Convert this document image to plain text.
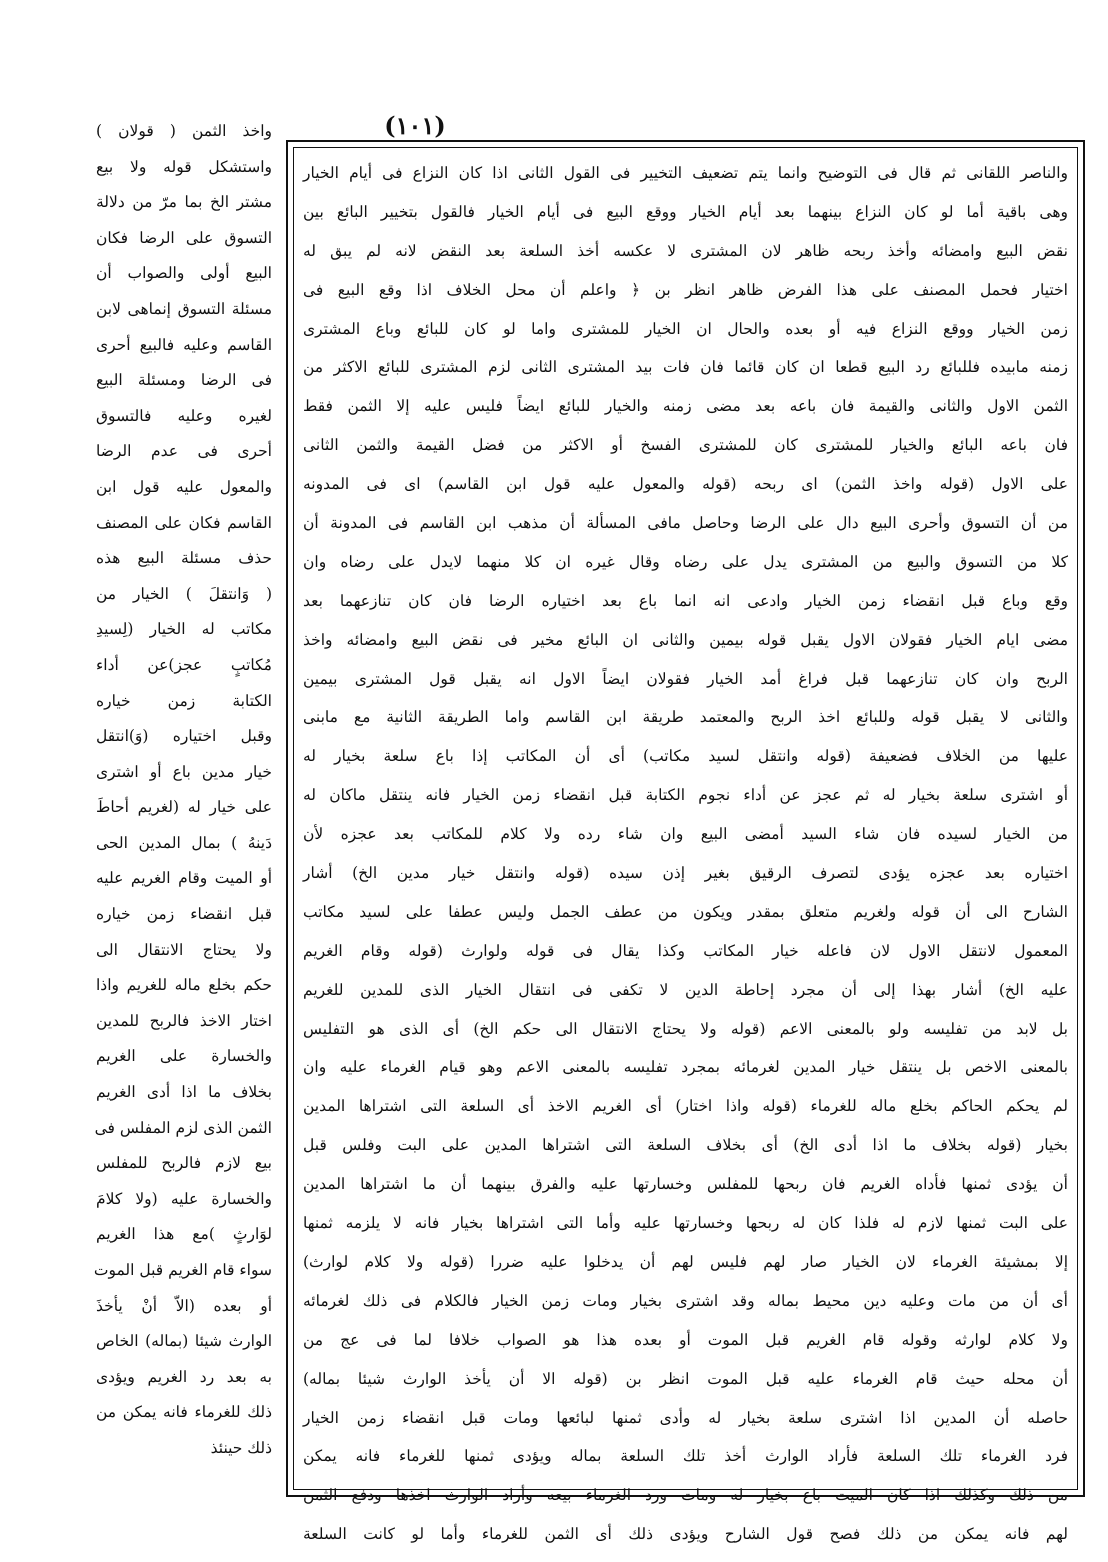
(١٠١)
والناصر اللقانى ثم قال فى التوضيح وانما يتم تضعيف التخيير فى القول الثانى اذا كان النزاع فى أيام الخيار
وهى باقية أما لو كان النزاع بينهما بعد أيام الخيار ووقع البيع فى أيام الخيار فالقول بتخيير البائع بين
نقض البيع وامضائه وأخذ ربحه ظاهر لان المشترى لا عكسه أخذ السلعة بعد النقض لانه لم يبق له
اختيار فحمل المصنف على هذا الفرض ظاهر انظر بن ﴿ واعلم أن محل الخلاف اذا وقع البيع فى
زمن الخيار ووقع النزاع فيه أو بعده والحال ان الخيار للمشترى واما لو كان للبائع وباع المشترى
زمنه مابيده فللبائع رد البيع قطعا ان كان قائما فان فات بيد المشترى الثانى لزم المشترى للبائع الاكثر من
الثمن الاول والثانى والقيمة فان باعه بعد مضى زمنه والخيار للبائع ايضاً فليس عليه إلا الثمن فقط
فان باعه البائع والخيار للمشترى كان للمشترى الفسخ أو الاكثر من فضل القيمة والثمن الثانى
على الاول (قوله واخذ الثمن) اى ربحه (قوله والمعول عليه قول ابن القاسم) اى فى المدونه
من أن التسوق وأحرى البيع دال على الرضا وحاصل مافى المسألة أن مذهب ابن القاسم فى المدونة أن
كلا من التسوق والبيع من المشترى يدل على رضاه وقال غيره ان كلا منهما لايدل على رضاه وان
وقع وباع قبل انقضاء زمن الخيار وادعى انه انما باع بعد اختياره الرضا فان كان تنازعهما بعد
مضى ايام الخيار فقولان الاول يقبل قوله بيمين والثانى ان البائع مخير فى نقض البيع وامضائه واخذ
الربح وان كان تنازعهما قبل فراغ أمد الخيار فقولان ايضاً الاول انه يقبل قول المشترى بيمين
والثانى لا يقبل قوله وللبائع اخذ الربح والمعتمد طريقة ابن القاسم واما الطريقة الثانية مع مابنى
عليها من الخلاف فضعيفة (قوله وانتقل لسيد مكاتب) أى أن المكاتب إذا باع سلعة بخيار له
أو اشترى سلعة بخيار له ثم عجز عن أداء نجوم الكتابة قبل انقضاء زمن الخيار فانه ينتقل ماكان له
من الخيار لسيده فان شاء السيد أمضى البيع وان شاء رده ولا كلام للمكاتب بعد عجزه لأن
اختياره بعد عجزه يؤدى لتصرف الرقيق بغير إذن سيده (قوله وانتقل خيار مدين الخ) أشار
الشارح الى أن قوله ولغريم متعلق بمقدر ويكون من عطف الجمل وليس عطفا على لسيد مكاتب
المعمول لانتقل الاول لان فاعله خيار المكاتب وكذا يقال فى قوله ولوارث (قوله وقام الغريم
عليه الخ) أشار بهذا إلى أن مجرد إحاطة الدين لا تكفى فى انتقال الخيار الذى للمدين للغريم
بل لابد من تفليسه ولو بالمعنى الاعم (قوله ولا يحتاج الانتقال الى حكم الخ) أى الذى هو التفليس
بالمعنى الاخص بل ينتقل خيار المدين لغرمائه بمجرد تفليسه بالمعنى الاعم وهو قيام الغرماء عليه وان
لم يحكم الحاكم بخلع ماله للغرماء (قوله واذا اختار) أى الغريم الاخذ أى السلعة التى اشتراها المدين
بخيار (قوله بخلاف ما اذا أدى الخ) أى بخلاف السلعة التى اشتراها المدين على البت وفلس قبل
أن يؤدى ثمنها فأداه الغريم فان ربحها للمفلس وخسارتها عليه والفرق بينهما أن ما اشتراها المدين
على البت ثمنها لازم له فلذا كان له ربحها وخسارتها عليه وأما التى اشتراها بخيار فانه لا يلزمه ثمنها
إلا بمشيئة الغرماء لان الخيار صار لهم فليس لهم أن يدخلوا عليه ضررا (قوله ولا كلام لوارث)
أى أن من مات وعليه دين محيط بماله وقد اشترى بخيار ومات زمن الخيار فالكلام فى ذلك لغرمائه
ولا كلام لوارثه وقوله قام الغريم قبل الموت أو بعده هذا هو الصواب خلافا لما فى عج من
أن محله حيث قام الغرماء عليه قبل الموت انظر بن (قوله الا أن يأخذ الوارث شيئا بماله)
حاصله أن المدين اذا اشترى سلعة بخيار له وأدى ثمنها لبائعها ومات قبل انقضاء زمن الخيار
فرد الغرماء تلك السلعة فأراد الوارث أخذ تلك السلعة بماله ويؤدى ثمنها للغرماء فانه يمكن
من ذلك وكذلك اذا كان الميت باع بخيار له ومات ورد الغرماء بيعه وأراد الوارث اخذها ودفع الثمن
لهم فانه يمكن من ذلك فصح قول الشارح ويؤدى ذلك أى الثمن للغرماء وأما لو كانت السلعة
واخذ الثمن ( قولان )
واستشكل قوله ولا بيع
مشتر الخ بما مرّ من دلالة
التسوق على الرضا فكان
البيع أولى والصواب أن
مسئلة التسوق إنماهى لابن
القاسم وعليه فالبيع أحرى
فى الرضا ومسئلة البيع
لغيره وعليه فالتسوق
أحرى فى عدم الرضا
والمعول عليه قول ابن
القاسم فكان على المصنف
حذف مسئلة البيع هذه
( وَانتقلَ ) الخيار من
مكاتب له الخيار (لِسيدِ
مُكاتبٍ عجز)عن أداء
الكتابة زمن خياره
وقبل اختياره (وَ)انتقل
خيار مدين باع أو اشترى
على خيار له (لغريم أحاطَ
دَينهُ ) بمال المدين الحى
أو الميت وقام الغريم عليه
قبل انقضاء زمن خياره
ولا يحتاج الانتقال الى
حكم بخلع ماله للغريم واذا
اختار الاخذ فالربح للمدين
والخسارة على الغريم
بخلاف ما اذا أدى الغريم
الثمن الذى لزم المفلس فى
بيع لازم فالربح للمفلس
والخسارة عليه (ولا كلامَ
لوَارثٍ )مع هذا الغريم
سواء قام الغريم قبل الموت
أو بعده (الاّ أنْ يأخذَ
الوارث شيئا (بماله) الخاص
به بعد رد الغريم ويؤدى
ذلك للغرماء فانه يمكن من
ذلك حينئذ
